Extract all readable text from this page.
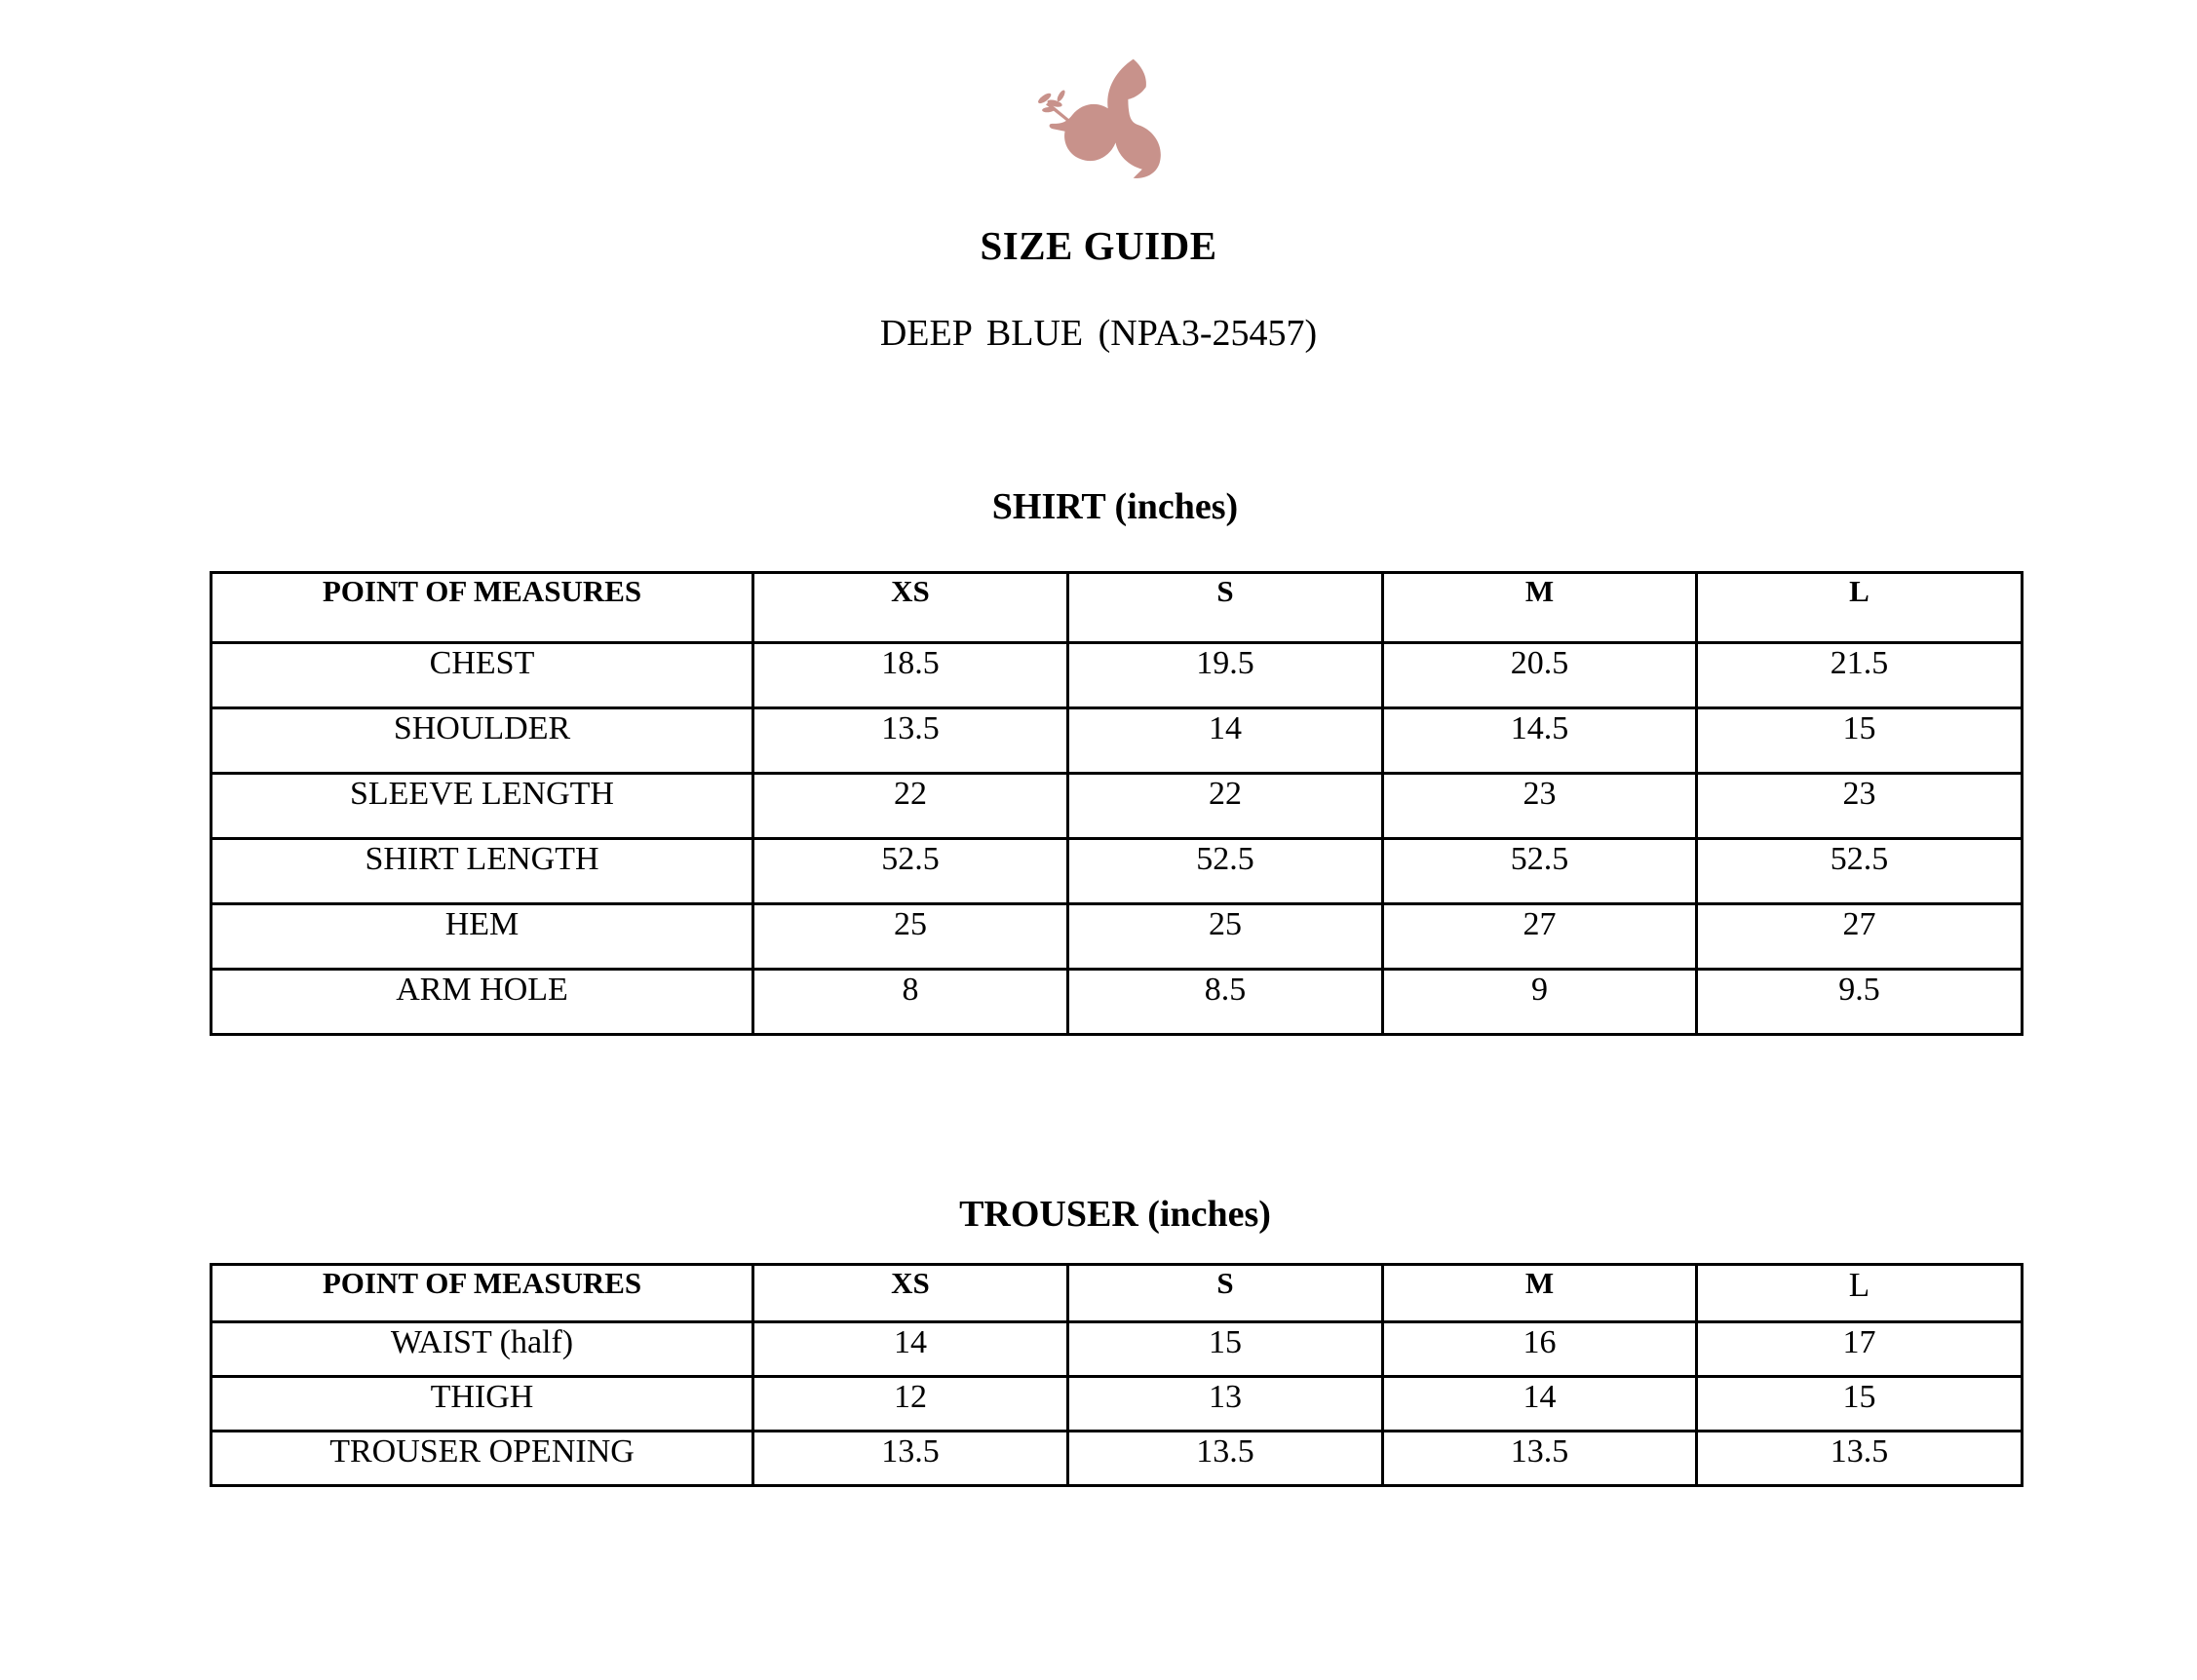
SIZE GUIDE
DEEP BLUE (NPA3-25457)
SHIRT (inches)
POINT OF MEASURES	XS	S	M	L
CHEST	18.5	19.5	20.5	21.5
SHOULDER	13.5	14	14.5	15
SLEEVE LENGTH	22	22	23	23
SHIRT LENGTH	52.5	52.5	52.5	52.5
HEM	25	25	27	27
ARM HOLE	8	8.5	9	9.5
TROUSER (inches)
POINT OF MEASURES	XS	S	M	L
WAIST (half)	14	15	16	17
THIGH	12	13	14	15
TROUSER OPENING	13.5	13.5	13.5	13.5
